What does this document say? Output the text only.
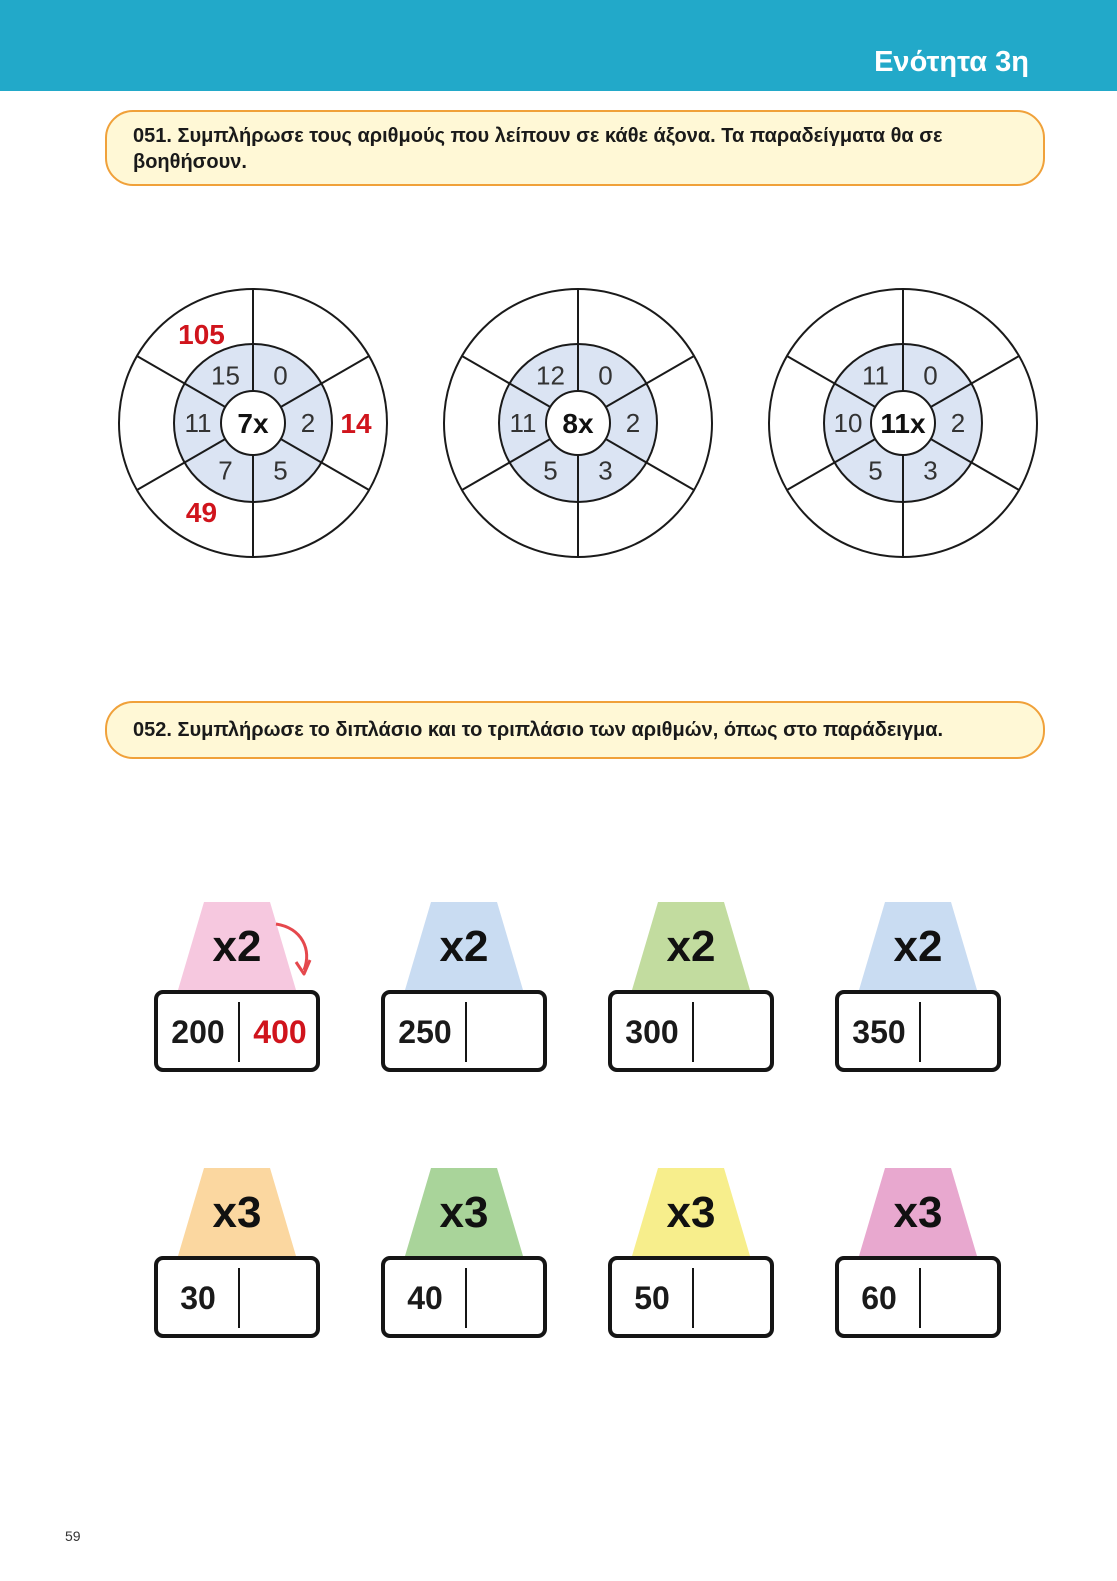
Ενότητα 3η
051. Συμπλήρωσε τους αριθμούς που λείπουν σε κάθε άξονα. Τα παραδείγματα θα σε βοηθήσουν.
7x
0
2 14
5
7
49
11
15
105
8x
0
2
3
5
11
12
11x
0
2
3
5
10
11
052. Συμπλήρωσε το διπλάσιο και το τριπλάσιο των αριθμών, όπως στο παράδειγμα.
x2
200 400
x2
250
x2
300
x2
350
x3
30
x3
40
x3
50
x3
60
59
